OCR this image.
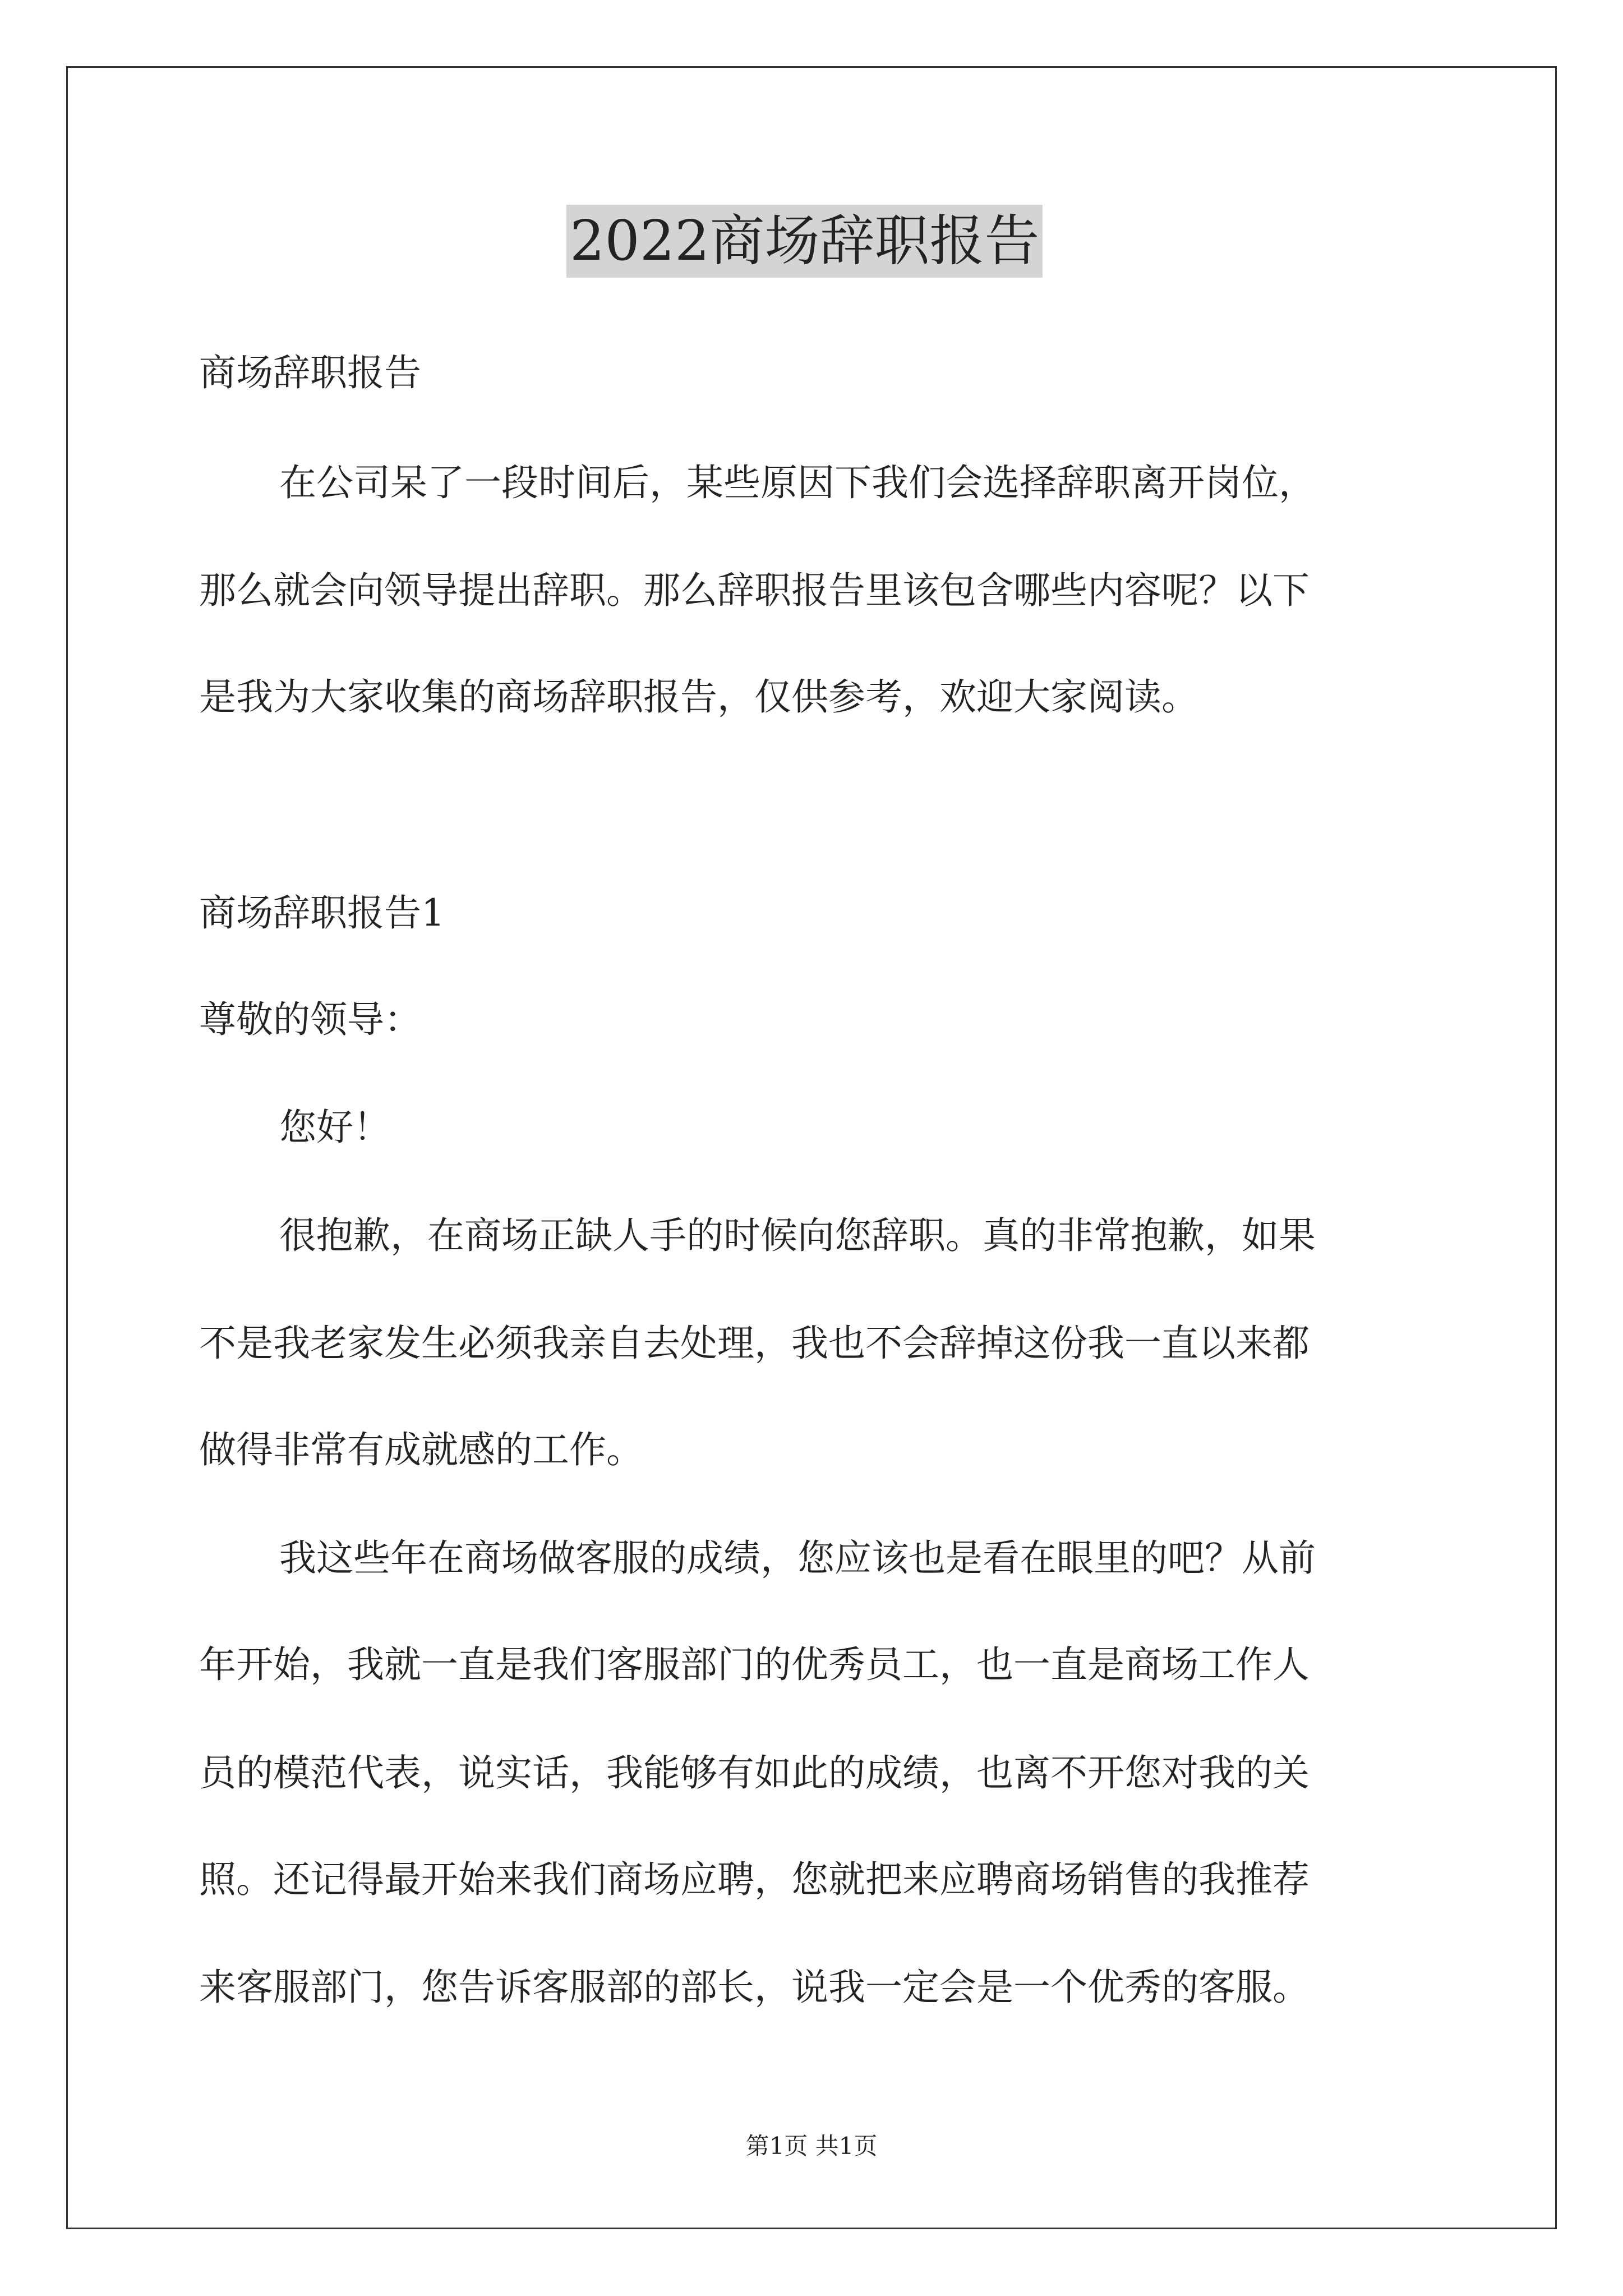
2022商场辞职报告

商场辞职报告

在公司呆了一段时间后，某些原因下我们会选择辞职离开岗位，

那么就会向领导提出辞职。那么辞职报告里该包含哪些内容呢？以下

是我为大家收集的商场辞职报告，仅供参考，欢迎大家阅读。

商场辞职报告1

尊敬的领导：

您好！

很抱歉，在商场正缺人手的时候向您辞职。真的非常抱歉，如果

不是我老家发生必须我亲自去处理，我也不会辞掉这份我一直以来都

做得非常有成就感的工作。

我这些年在商场做客服的成绩，您应该也是看在眼里的吧？从前

年开始，我就一直是我们客服部门的优秀员工，也一直是商场工作人

员的模范代表，说实话，我能够有如此的成绩，也离不开您对我的关

照。还记得最开始来我们商场应聘，您就把来应聘商场销售的我推荐

来客服部门，您告诉客服部的部长，说我一定会是一个优秀的客服。

第1页 共1页
